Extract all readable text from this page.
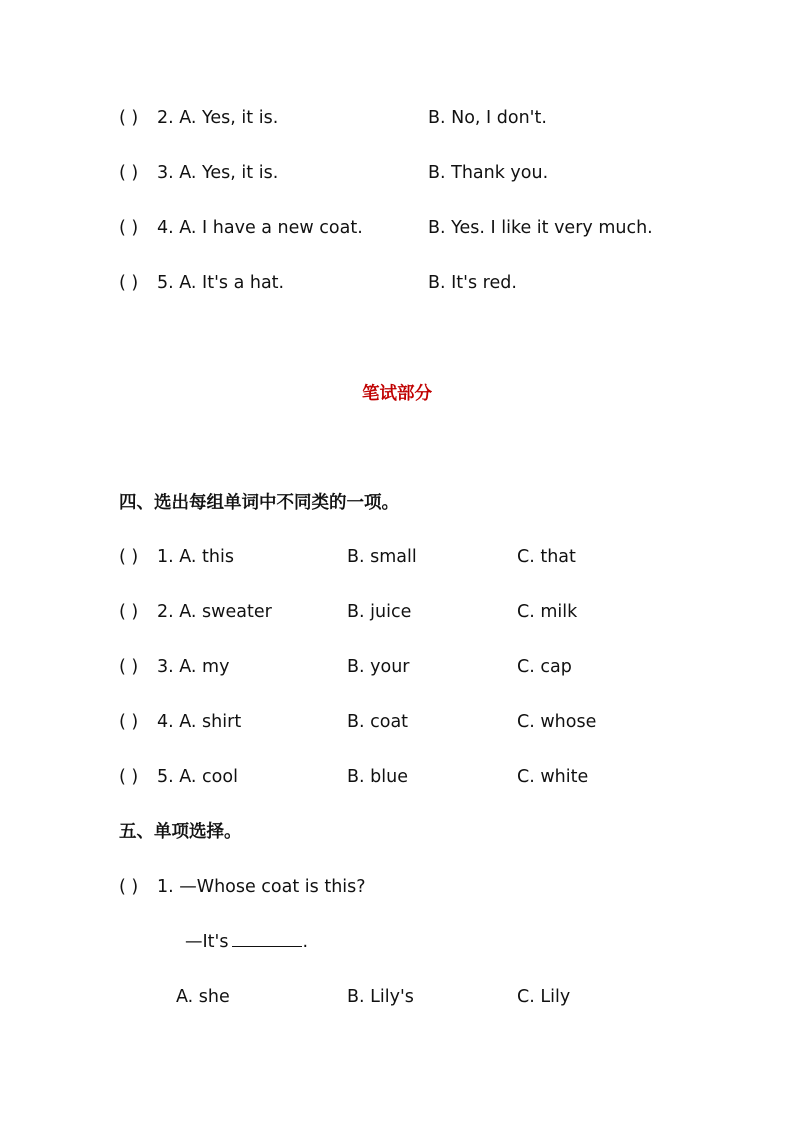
( ) 2. A. Yes, it is.	B. No, I don't.
( ) 3. A. Yes, it is.	B. Thank you.
( ) 4. A. I have a new coat.	B. Yes. I like it very much.
( ) 5. A. It's a hat.	B. It's red.
笔试部分
四、选出每组单词中不同类的一项。
( ) 1. A. this	B. small	C. that
( ) 2. A. sweater	B. juice	C. milk
( ) 3. A. my	B. your	C. cap
( ) 4. A. shirt	B. coat	C. whose
( ) 5. A. cool	B. blue	C. white
五、单项选择。
( ) 1. —Whose coat is this?
—It's	.
A. she	B. Lily's	C. Lily
